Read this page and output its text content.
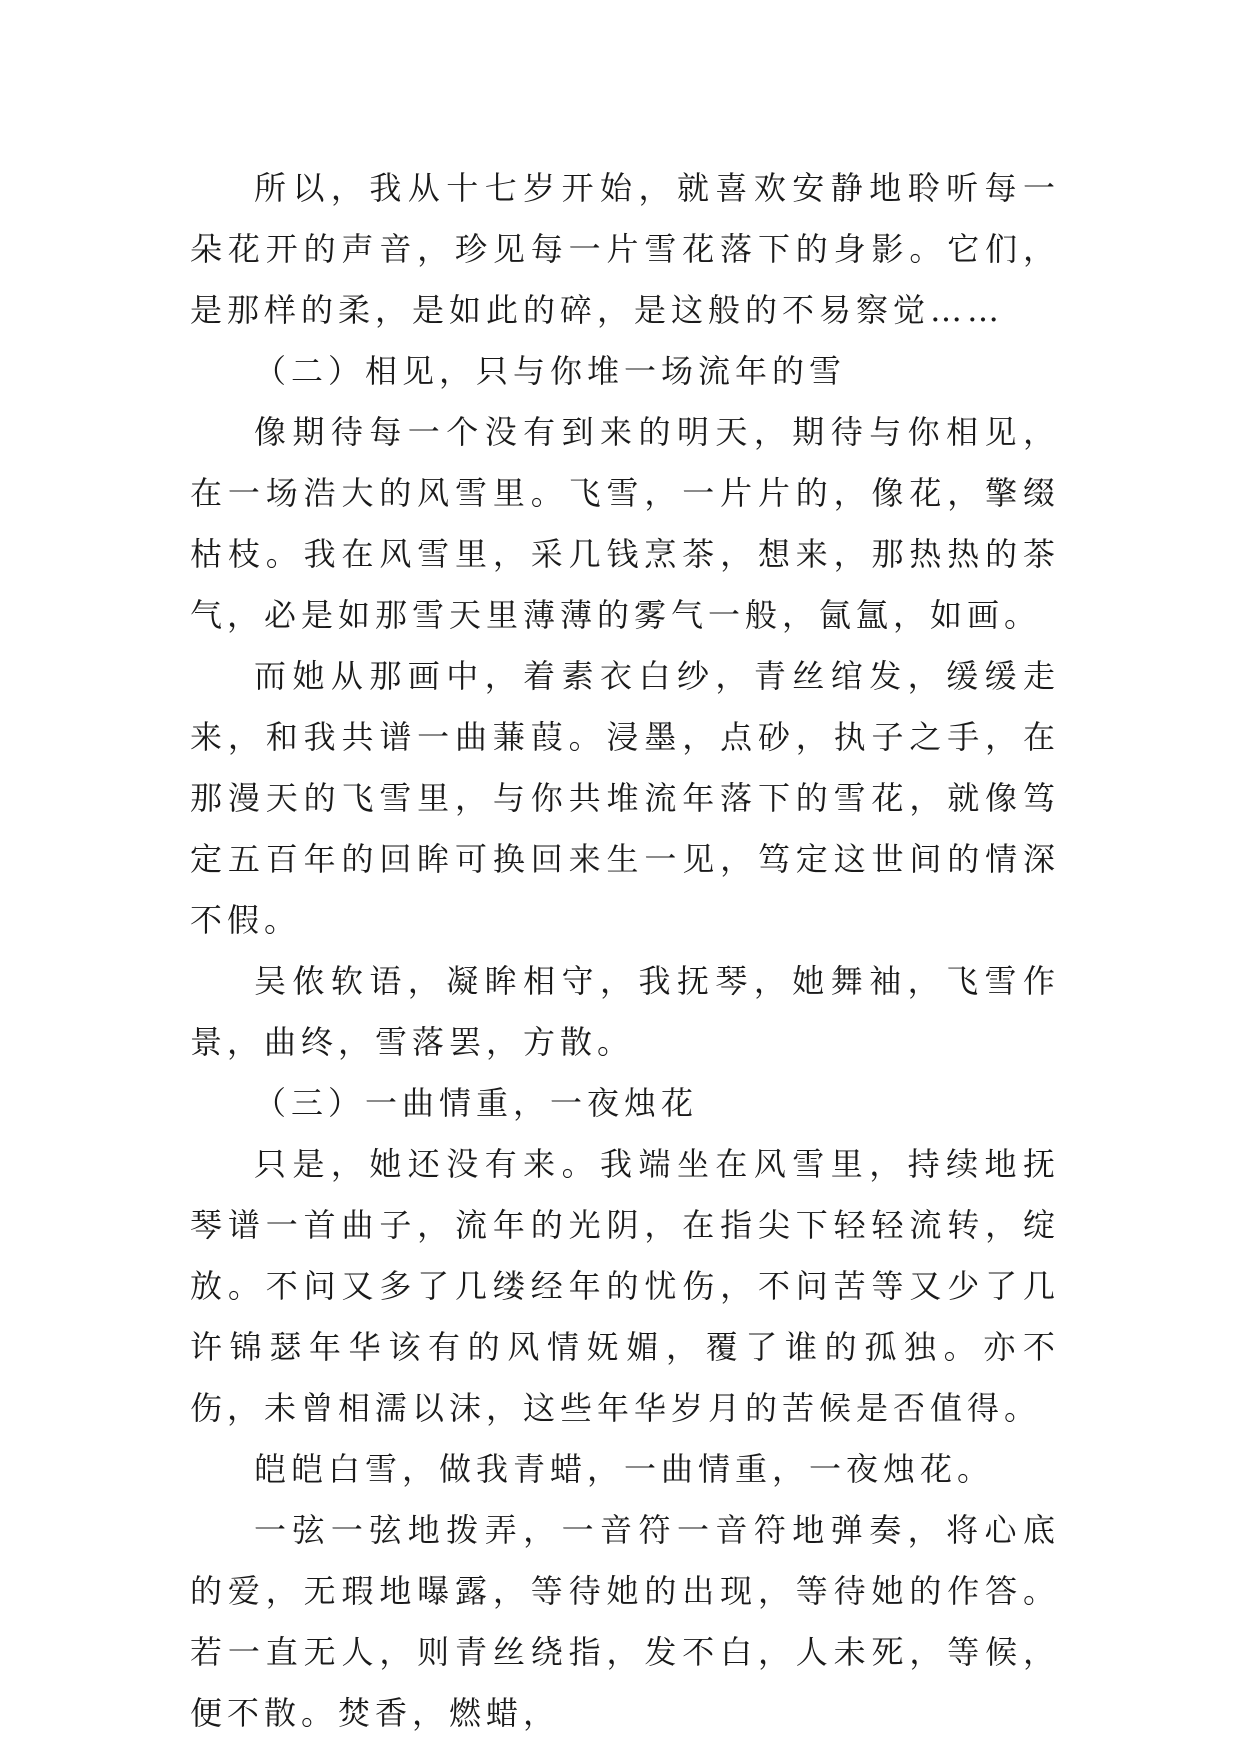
所以，我从十七岁开始，就喜欢安静地聆听每一朵花开的声音，珍见每一片雪花落下的身影。它们，是那样的柔，是如此的碎，是这般的不易察觉……

（二）相见，只与你堆一场流年的雪

像期待每一个没有到来的明天，期待与你相见，在一场浩大的风雪里。飞雪，一片片的，像花，擎缀枯枝。我在风雪里，采几钱烹茶，想来，那热热的茶气，必是如那雪天里薄薄的雾气一般，氤氲，如画。

而她从那画中，着素衣白纱，青丝绾发，缓缓走来，和我共谱一曲蒹葭。浸墨，点砂，执子之手，在那漫天的飞雪里，与你共堆流年落下的雪花，就像笃定五百年的回眸可换回来生一见，笃定这世间的情深不假。

吴侬软语，凝眸相守，我抚琴，她舞袖，飞雪作景，曲终，雪落罢，方散。

（三）一曲情重，一夜烛花

只是，她还没有来。我端坐在风雪里，持续地抚琴谱一首曲子，流年的光阴，在指尖下轻轻流转，绽放。不问又多了几缕经年的忧伤，不问苦等又少了几许锦瑟年华该有的风情妩媚，覆了谁的孤独。亦不伤，未曾相濡以沫，这些年华岁月的苦候是否值得。

皑皑白雪，做我青蜡，一曲情重，一夜烛花。

一弦一弦地拨弄，一音符一音符地弹奏，将心底的爱，无瑕地曝露，等待她的出现，等待她的作答。若一直无人，则青丝绕指，发不白，人未死，等候，便不散。焚香，燃蜡，
